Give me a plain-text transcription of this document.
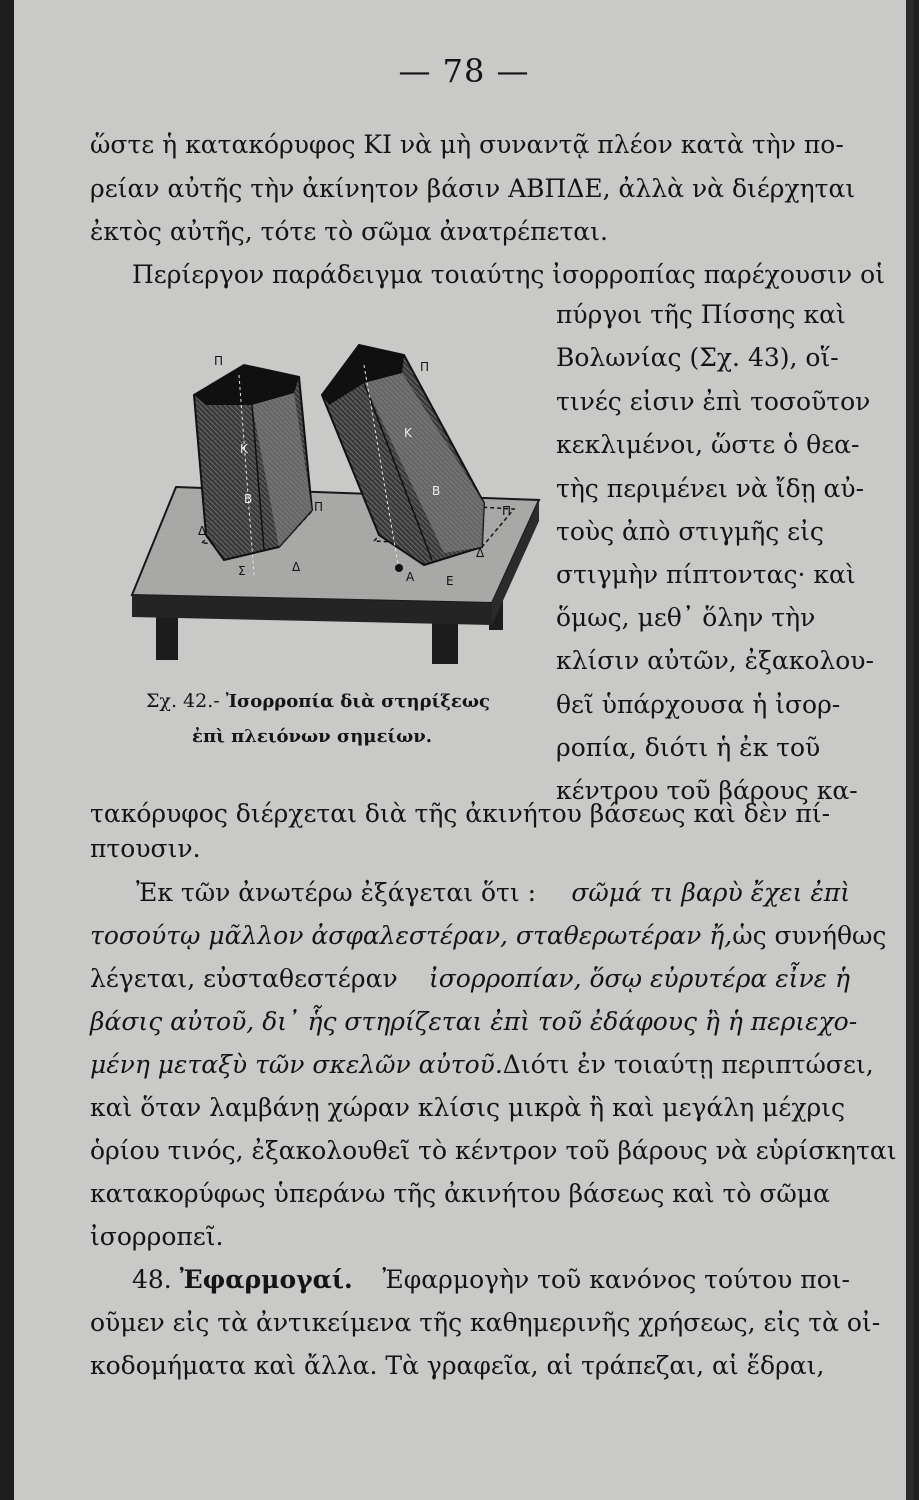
— 78 —
ὥστε ἡ κατακόρυφος ΚΙ νὰ μὴ συναντᾷ πλέον κατὰ τὴν πο-
ρείαν αὐτῆς τὴν ἀκίνητον βάσιν ΑΒΠΔΕ, ἀλλὰ νὰ διέρχηται
ἐκτὸς αὐτῆς, τότε τὸ σῶμα ἀνατρέπεται.
Περίεργον παράδειγμα τοιαύτης ἰσορροπίας παρέχουσιν οἱ
πύργοι τῆς Πίσσης καὶ
Βολωνίας (Σχ. 43), οἵ-
τινές εἰσιν ἐπὶ τοσοῦτον
κεκλιμένοι, ὥστε ὁ θεα-
τὴς περιμένει νὰ ἴδῃ αὐ-
τοὺς ἀπὸ στιγμῆς εἰς
στιγμὴν πίπτοντας· καὶ
ὅμως, μεθ᾽ ὅλην τὴν
κλίσιν αὐτῶν, ἐξακολου-
θεῖ ὑπάρχουσα ἡ ἰσορ-
ροπία, διότι ἡ ἐκ τοῦ
κέντρου τοῦ βάρους κα-
Π	Π
Κ
Κ
Β
Β
Δ
Δ
Σ	Δ
Α	Ε
Π	Π
Σχ. 42.- Ἰσορροπία διὰ στηρίξεως
ἐπὶ πλειόνων σημείων.
τακόρυφος διέρχεται διὰ τῆς ἀκινήτου βάσεως καὶ δὲν πί-
πτουσιν.
Ἐκ τῶν ἀνωτέρω ἐξάγεται ὅτι : σῶμά τι βαρὺ ἔχει ἐπὶ
τοσούτῳ μᾶλλον ἀσφαλεστέραν, σταθερωτέραν ἤ, ὡς συνήθως
λέγεται, εὐσταθεστέραν ἰσορροπίαν, ὅσῳ εὐρυτέρα εἶνε ἡ
βάσις αὐτοῦ, δι᾽ ἧς στηρίζεται ἐπὶ τοῦ ἐδάφους ἢ ἡ περιεχο-
μένη μεταξὺ τῶν σκελῶν αὐτοῦ. Διότι ἐν τοιαύτῃ περιπτώσει,
καὶ ὅταν λαμβάνῃ χώραν κλίσις μικρὰ ἢ καὶ μεγάλη μέχρις
ὁρίου τινός, ἐξακολουθεῖ τὸ κέντρον τοῦ βάρους νὰ εὑρίσκηται
κατακορύφως ὑπεράνω τῆς ἀκινήτου βάσεως καὶ τὸ σῶμα
ἰσορροπεῖ.
48. Ἐφαρμογαί. Ἐφαρμογὴν τοῦ κανόνος τούτου ποι-
οῦμεν εἰς τὰ ἀντικείμενα τῆς καθημερινῆς χρήσεως, εἰς τὰ οἰ-
κοδομήματα καὶ ἄλλα. Τὰ γραφεῖα, αἱ τράπεζαι, αἱ ἕδραι,
